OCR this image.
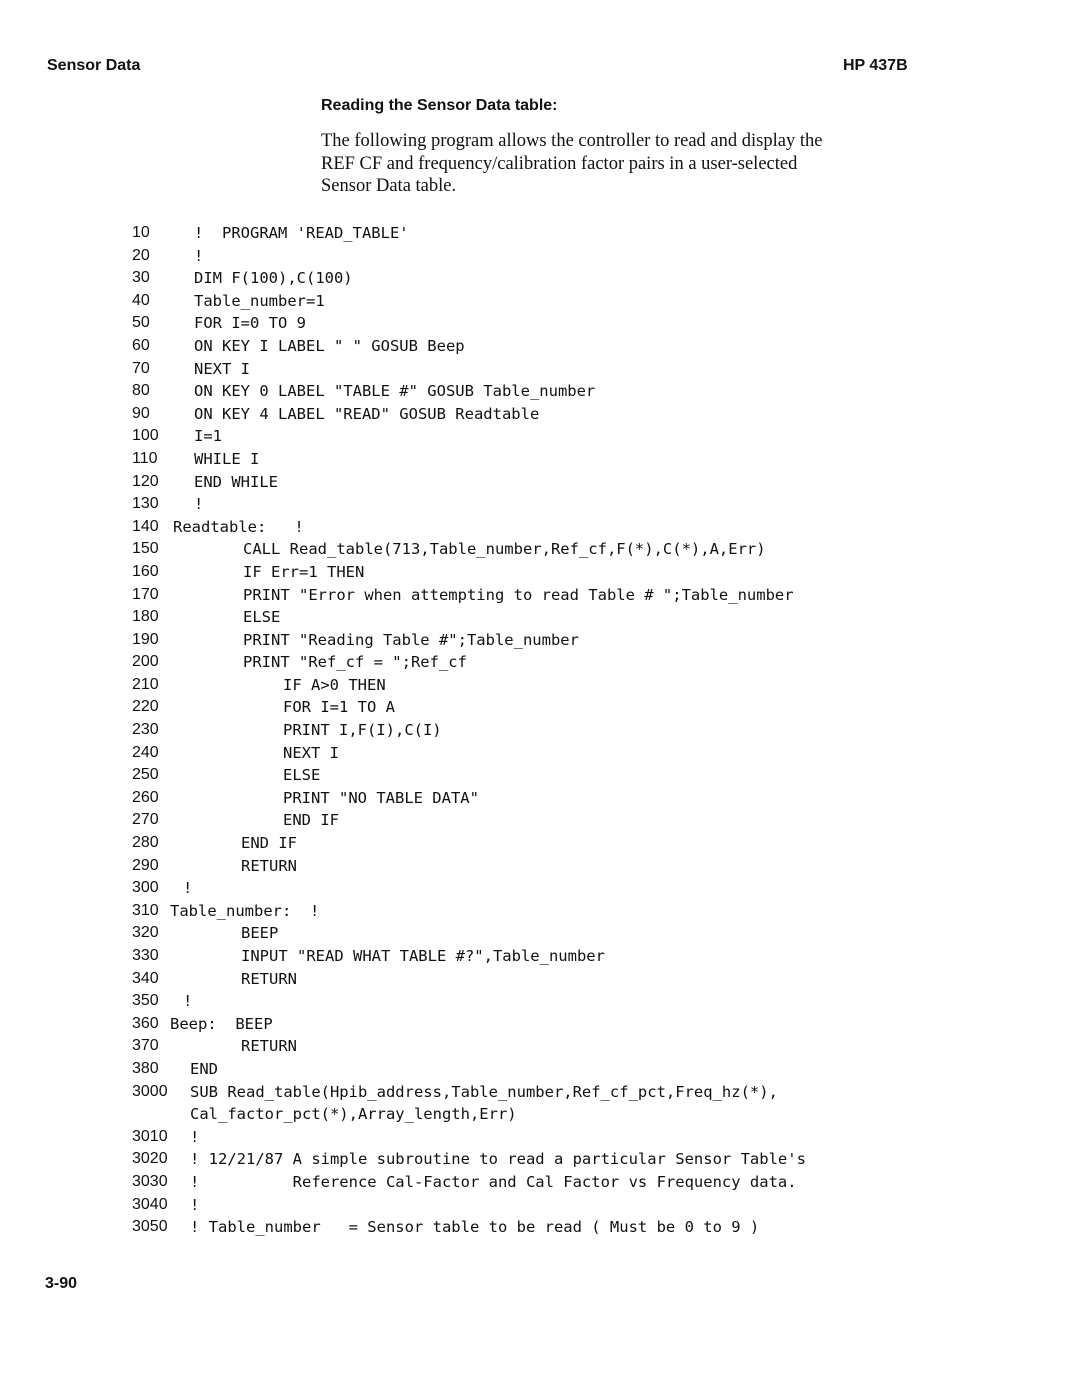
Sensor Data	HP 437B
Reading the Sensor Data table:
The following program allows the controller to read and display the
REF CF and frequency/calibration factor pairs in a user-selected
Sensor Data table.
10	!  PROGRAM 'READ_TABLE'
20	!
30	DIM F(100),C(100)
40	Table_number=1
50	FOR I=0 TO 9
60	ON KEY I LABEL " " GOSUB Beep
70	NEXT I
80	ON KEY 0 LABEL "TABLE #" GOSUB Table_number
90	ON KEY 4 LABEL "READ" GOSUB Readtable
100 I=1
110 WHILE I
120 END WHILE
130 !
140 Readtable:   !
150	CALL Read_table(713,Table_number,Ref_cf,F(*),C(*),A,Err)
160	IF Err=1 THEN
170	PRINT "Error when attempting to read Table # ";Table_number
180	ELSE
190	PRINT "Reading Table #";Table_number
200	PRINT "Ref_cf = ";Ref_cf
210	IF A>0 THEN
220	FOR I=1 TO A
230	PRINT I,F(I),C(I)
240	NEXT I
250	ELSE
260	PRINT "NO TABLE DATA"
270	END IF
280	END IF
290	RETURN
300 !
310 Table_number:  !
320	BEEP
330	INPUT "READ WHAT TABLE #?",Table_number
340	RETURN
350 !
360 Beep:  BEEP
370	RETURN
380 END
3000 SUB Read_table(Hpib_address,Table_number,Ref_cf_pct,Freq_hz(*),
Cal_factor_pct(*),Array_length,Err)
3010 !
3020 ! 12/21/87 A simple subroutine to read a particular Sensor Table's
3030 !          Reference Cal-Factor and Cal Factor vs Frequency data.
3040 !
3050 ! Table_number   = Sensor table to be read ( Must be 0 to 9 )
3-90
